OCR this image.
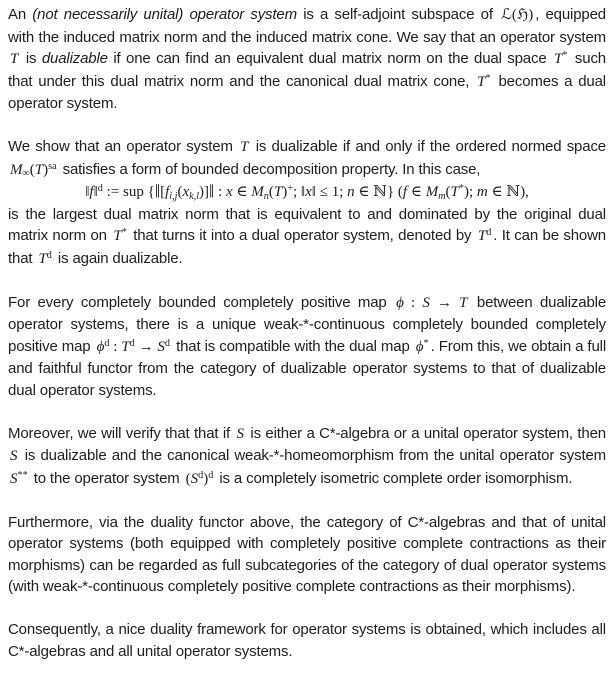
An (not necessarily unital) operator system is a self-adjoint subspace of ℒ(ℌ) , equipped with the induced matrix norm and the induced matrix cone. We say that an operator system T is dualizable if one can find an equivalent dual matrix norm on the dual space T* such that under this dual matrix norm and the canonical dual matrix cone, T* becomes a dual operator system.
We show that an operator system T is dualizable if and only if the ordered normed space $M_\infty(T)^{sa}$ satisfies a form of bounded decomposition property. In this case,
‖f‖$^d$ := sup {$‖[f_{i,j}(x_{k,l})]‖$ : x ∈ $M_n(T)^+$; ‖x‖ ≤ 1; n ∈ ℕ} (f ∈ $M_m(T^*)$; m ∈ ℕ),
is the largest dual matrix norm that is equivalent to and dominated by the original dual matrix norm on T* that turns it into a dual operator system, denoted by $T^d$ . It can be shown that $T^d$ is again dualizable.
For every completely bounded completely positive map ϕ : S → T between dualizable operator systems, there is a unique weak-*-continuous completely bounded completely positive map $\phi^d$ : $T^d \to S^d$ that is compatible with the dual map ϕ* . From this, we obtain a full and faithful functor from the category of dualizable operator systems to that of dualizable dual operator systems.
Moreover, we will verify that that if S is either a C*-algebra or a unital operator system, then S is dualizable and the canonical weak-*-homeomorphism from the unital operator system S** to the operator system $(S^d)^d$ is a completely isometric complete order isomorphism.
Furthermore, via the duality functor above, the category of C*-algebras and that of unital operator systems (both equipped with completely positive complete contractions as their morphisms) can be regarded as full subcategories of the category of dual operator systems (with weak-*-continuous completely positive complete contractions as their morphisms).
Consequently, a nice duality framework for operator systems is obtained, which includes all C*-algebras and all unital operator systems.
